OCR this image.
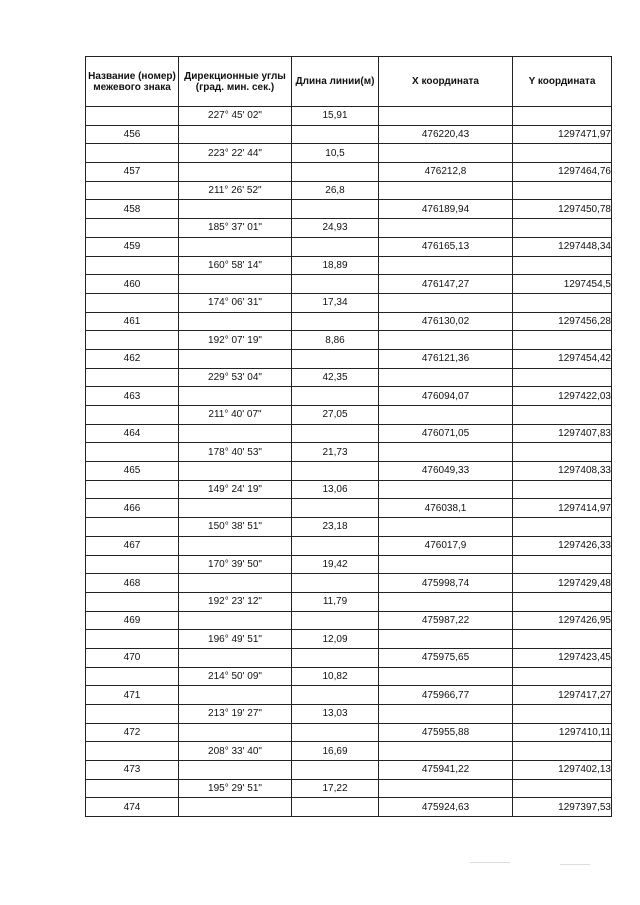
Название (номер) межевого знака	Дирекционные углы (град. мин. сек.)	Длина линии(м)	X координата	Y координата
	227° 45' 02"	15,91		
456			476220,43	1297471,97
	223° 22' 44"	10,5		
457			476212,8	1297464,76
	211° 26' 52"	26,8		
458			476189,94	1297450,78
	185° 37' 01"	24,93		
459			476165,13	1297448,34
	160° 58' 14"	18,89		
460			476147,27	1297454,5
	174° 06' 31"	17,34		
461			476130,02	1297456,28
	192° 07' 19"	8,86		
462			476121,36	1297454,42
	229° 53' 04"	42,35		
463			476094,07	1297422,03
	211° 40' 07"	27,05		
464			476071,05	1297407,83
	178° 40' 53"	21,73		
465			476049,33	1297408,33
	149° 24' 19"	13,06		
466			476038,1	1297414,97
	150° 38' 51"	23,18		
467			476017,9	1297426,33
	170° 39' 50"	19,42		
468			475998,74	1297429,48
	192° 23' 12"	11,79		
469			475987,22	1297426,95
	196° 49' 51"	12,09		
470			475975,65	1297423,45
	214° 50' 09"	10,82		
471			475966,77	1297417,27
	213° 19' 27"	13,03		
472			475955,88	1297410,11
	208° 33' 40"	16,69		
473			475941,22	1297402,13
	195° 29' 51"	17,22		
474			475924,63	1297397,53
